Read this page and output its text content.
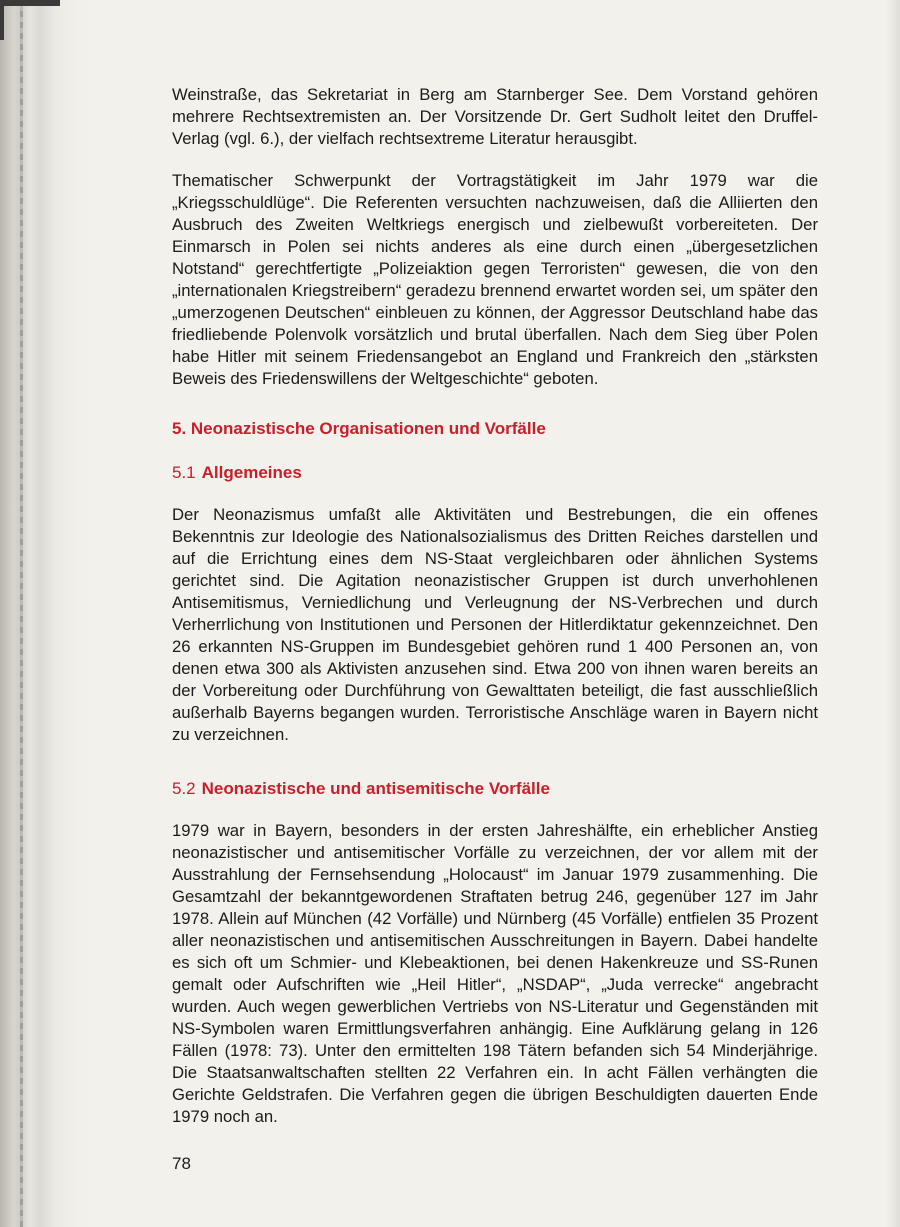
Weinstraße, das Sekretariat in Berg am Starnberger See. Dem Vorstand gehören mehrere Rechtsextremisten an. Der Vorsitzende Dr. Gert Sudholt leitet den Druffel-Verlag (vgl. 6.), der vielfach rechtsextreme Literatur herausgibt.

Thematischer Schwerpunkt der Vortragstätigkeit im Jahr 1979 war die „Kriegsschuldlüge“. Die Referenten versuchten nachzuweisen, daß die Alliierten den Ausbruch des Zweiten Weltkriegs energisch und zielbewußt vorbereiteten. Der Einmarsch in Polen sei nichts anderes als eine durch einen „übergesetzlichen Notstand“ gerechtfertigte „Polizeiaktion gegen Terroristen“ gewesen, die von den „internationalen Kriegstreibern“ geradezu brennend erwartet worden sei, um später den „umerzogenen Deutschen“ einbleuen zu können, der Aggressor Deutschland habe das friedliebende Polenvolk vorsätzlich und brutal überfallen. Nach dem Sieg über Polen habe Hitler mit seinem Friedensangebot an England und Frankreich den „stärksten Beweis des Friedenswillens der Weltgeschichte“ geboten.

5. Neonazistische Organisationen und Vorfälle
5.1 Allgemeines

Der Neonazismus umfaßt alle Aktivitäten und Bestrebungen, die ein offenes Bekenntnis zur Ideologie des Nationalsozialismus des Dritten Reiches darstellen und auf die Errichtung eines dem NS-Staat vergleichbaren oder ähnlichen Systems gerichtet sind. Die Agitation neonazistischer Gruppen ist durch unverhohlenen Antisemitismus, Verniedlichung und Verleugnung der NS-Verbrechen und durch Verherrlichung von Institutionen und Personen der Hitlerdiktatur gekennzeichnet. Den 26 erkannten NS-Gruppen im Bundesgebiet gehören rund 1 400 Personen an, von denen etwa 300 als Aktivisten anzusehen sind. Etwa 200 von ihnen waren bereits an der Vorbereitung oder Durchführung von Gewalttaten beteiligt, die fast ausschließlich außerhalb Bayerns begangen wurden. Terroristische Anschläge waren in Bayern nicht zu verzeichnen.

5.2 Neonazistische und antisemitische Vorfälle

1979 war in Bayern, besonders in der ersten Jahreshälfte, ein erheblicher Anstieg neonazistischer und antisemitischer Vorfälle zu verzeichnen, der vor allem mit der Ausstrahlung der Fernsehsendung „Holocaust“ im Januar 1979 zusammenhing. Die Gesamtzahl der bekanntgewordenen Straftaten betrug 246, gegenüber 127 im Jahr 1978. Allein auf München (42 Vorfälle) und Nürnberg (45 Vorfälle) entfielen 35 Prozent aller neonazistischen und antisemitischen Ausschreitungen in Bayern. Dabei handelte es sich oft um Schmier- und Klebeaktionen, bei denen Hakenkreuze und SS-Runen gemalt oder Aufschriften wie „Heil Hitler“, „NSDAP“, „Juda verrecke“ angebracht wurden. Auch wegen gewerblichen Vertriebs von NS-Literatur und Gegenständen mit NS-Symbolen waren Ermittlungsverfahren anhängig. Eine Aufklärung gelang in 126 Fällen (1978: 73). Unter den ermittelten 198 Tätern befanden sich 54 Minderjährige. Die Staatsanwaltschaften stellten 22 Verfahren ein. In acht Fällen verhängten die Gerichte Geldstrafen. Die Verfahren gegen die übrigen Beschuldigten dauerten Ende 1979 noch an.

78
